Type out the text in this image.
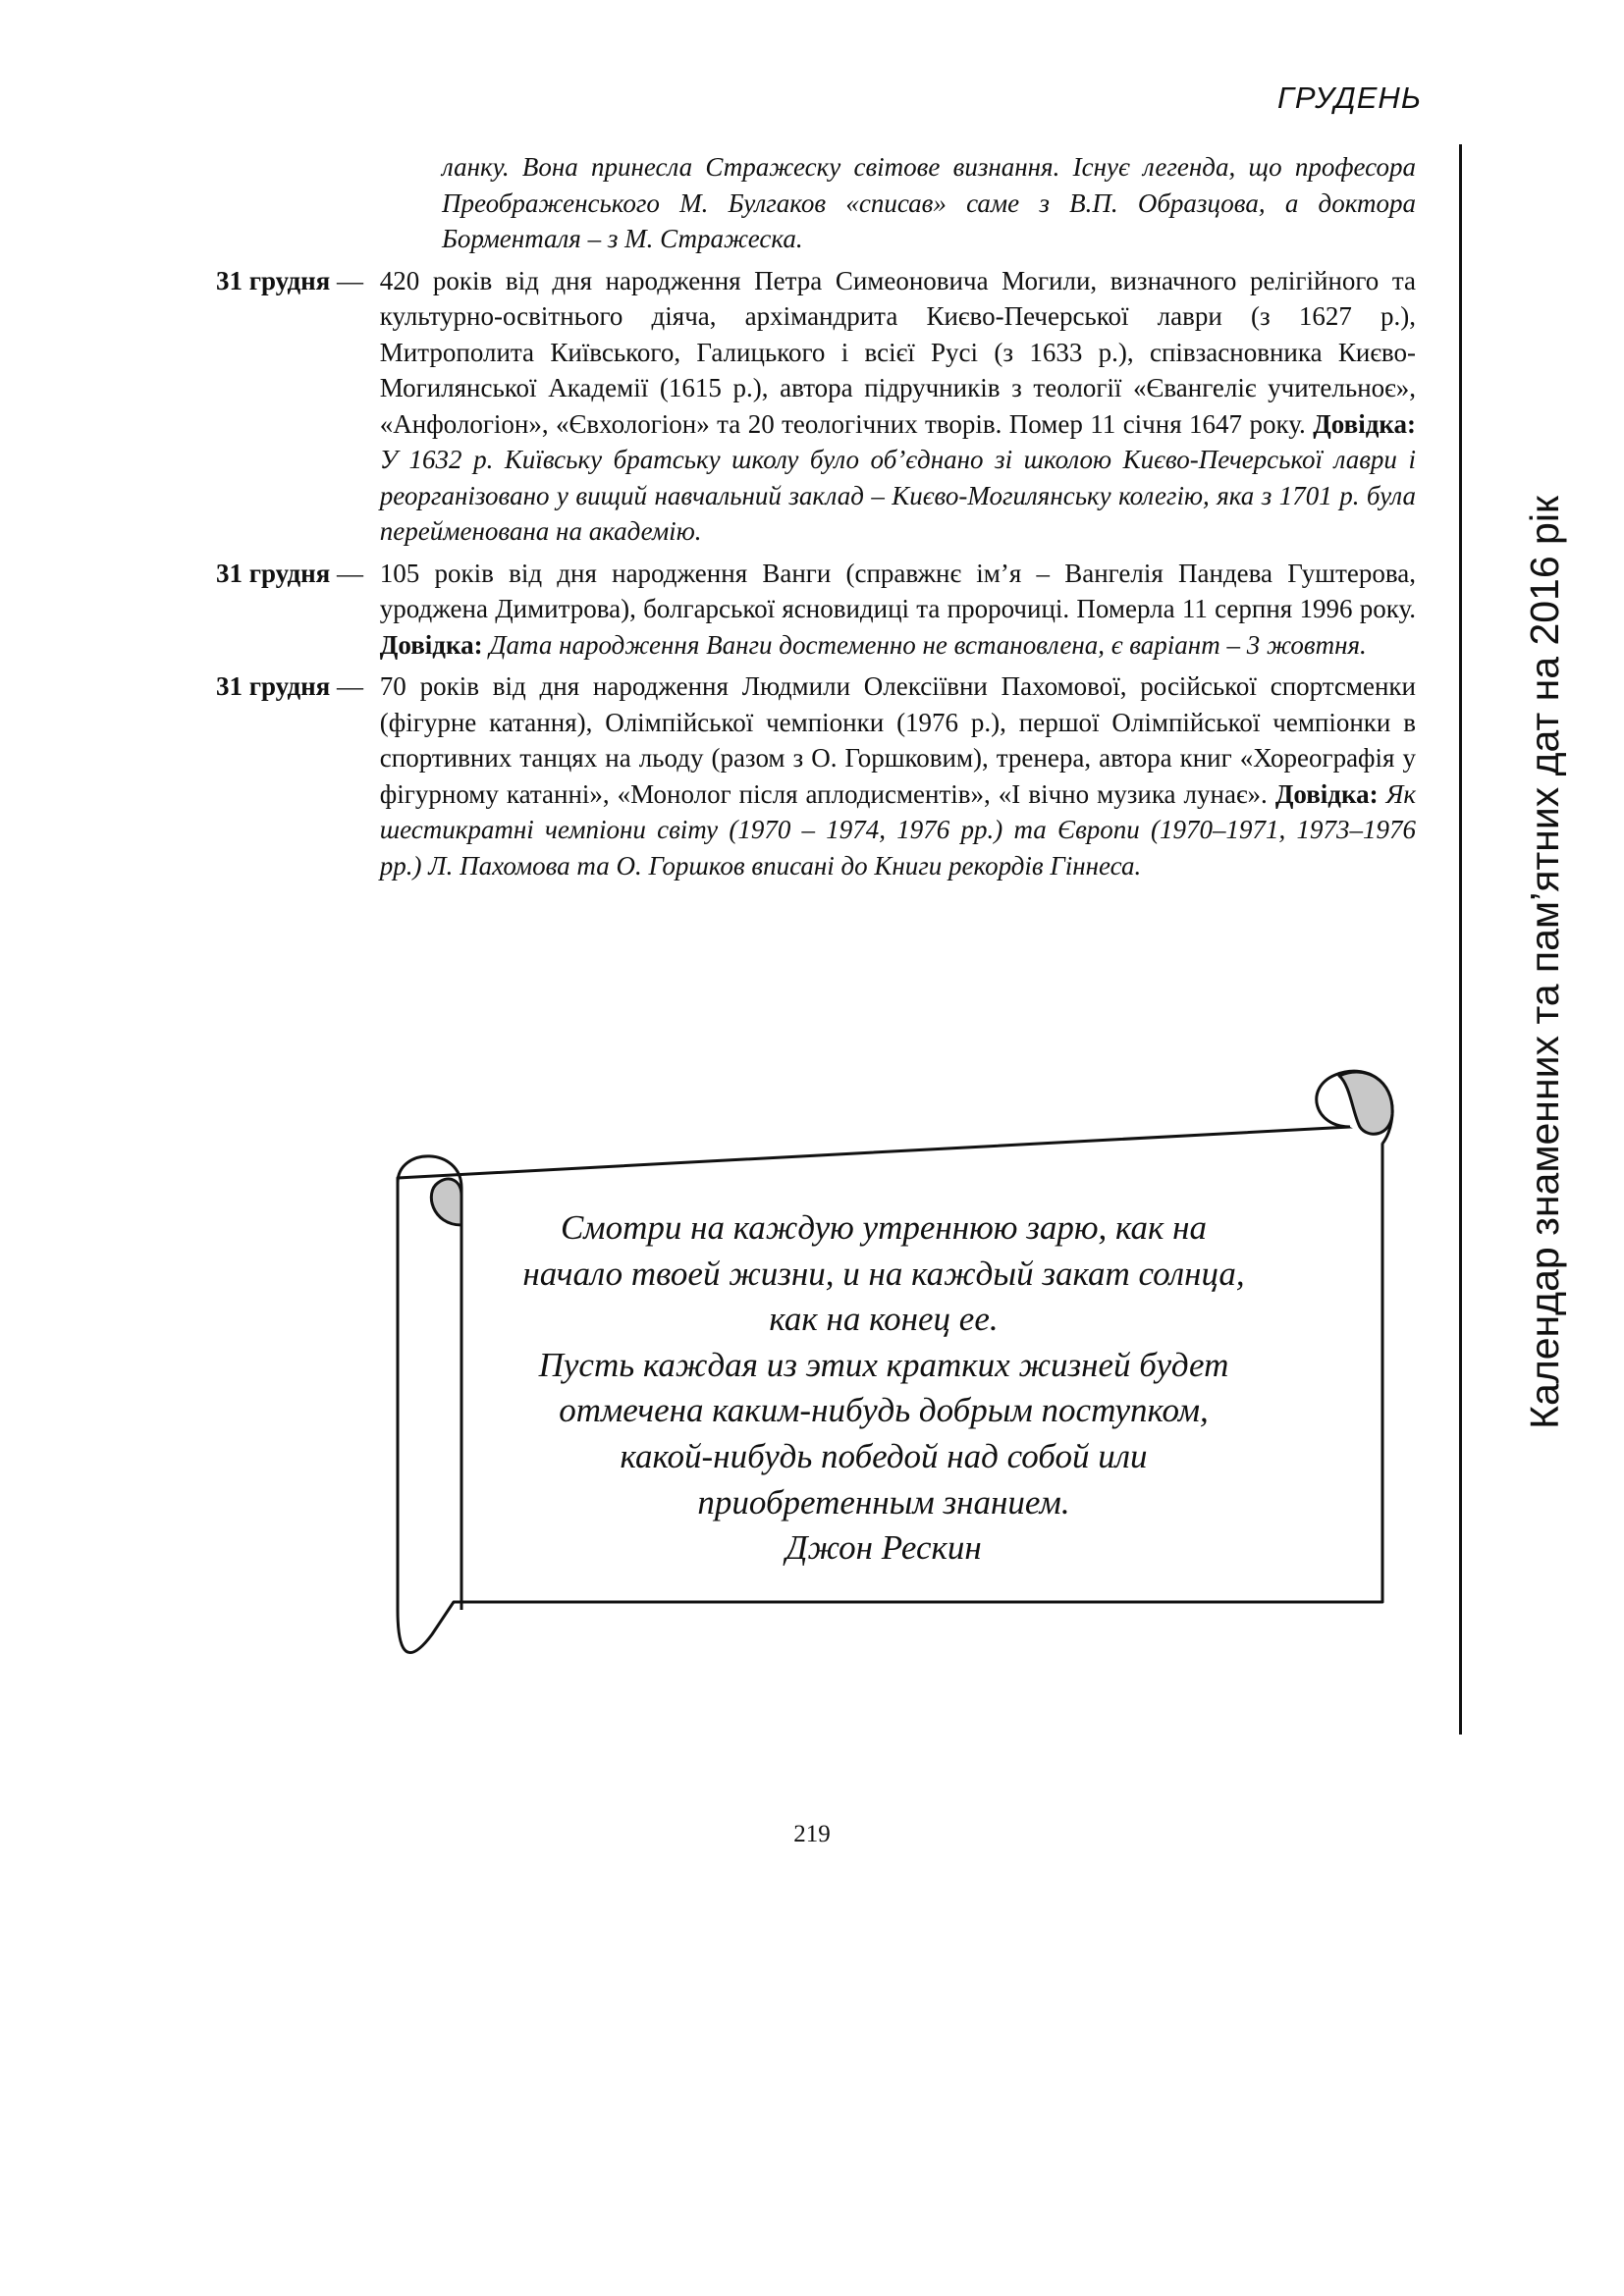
ГРУДЕНЬ
Календар знаменних та пам’ятних дат на 2016 рік

ланку. Вона принесла Стражеску світове визнання. Існує легенда, що професора Преображенського М. Булгаков «списав» саме з В.П. Образцова, а доктора Борменталя – з М. Стражеска.

31 грудня — 420 років від дня народження Петра Симеоновича Могили, визначного релігійного та культурно-освітнього діяча, архімандрита Києво-Печерської лаври (з 1627 р.), Митрополита Київського, Галицького і всієї Русі (з 1633 р.), співзасновника Києво-Могилянської Академії (1615 р.), автора підручників з теології «Євангеліє учительноє», «Анфологіон», «Євхологіон» та 20 теологічних творів. Помер 11 січня 1647 року. Довідка: У 1632 р. Київську братську школу було об’єднано зі школою Києво-Печерської лаври і реорганізовано у вищий навчальний заклад – Києво-Могилянську колегію, яка з 1701 р. була перейменована на академію.
31 грудня — 105 років від дня народження Ванги (справжнє ім’я – Вангелія Пандева Гуштерова, уроджена Димитрова), болгарської ясновидиці та пророчиці. Померла 11 серпня 1996 року. Довідка: Дата народження Ванги достеменно не встановлена, є варіант – 3 жовтня.
31 грудня — 70 років від дня народження Людмили Олексіївни Пахомової, російської спортсменки (фігурне катання), Олімпійської чемпіонки (1976 р.), першої Олімпійської чемпіонки в спортивних танцях на льоду (разом з О. Горшковим), тренера, автора книг «Хореографія у фігурному катанні», «Монолог після аплодисментів», «І вічно музика лунає». Довідка: Як шестикратні чемпіони світу (1970 – 1974, 1976 рр.) та Європи (1970–1971, 1973–1976 рр.) Л. Пахомова та О. Горшков вписані до Книги рекордів Гіннеса.
Смотри на каждую утреннюю зарю, как на
начало твоей жизни, и на каждый закат солнца,
как на конец ее.
Пусть каждая из этих кратких жизней будет
отмечена каким-нибудь добрым поступком,
какой-нибудь победой над собой или
приобретенным знанием.
Джон Рескин
219
